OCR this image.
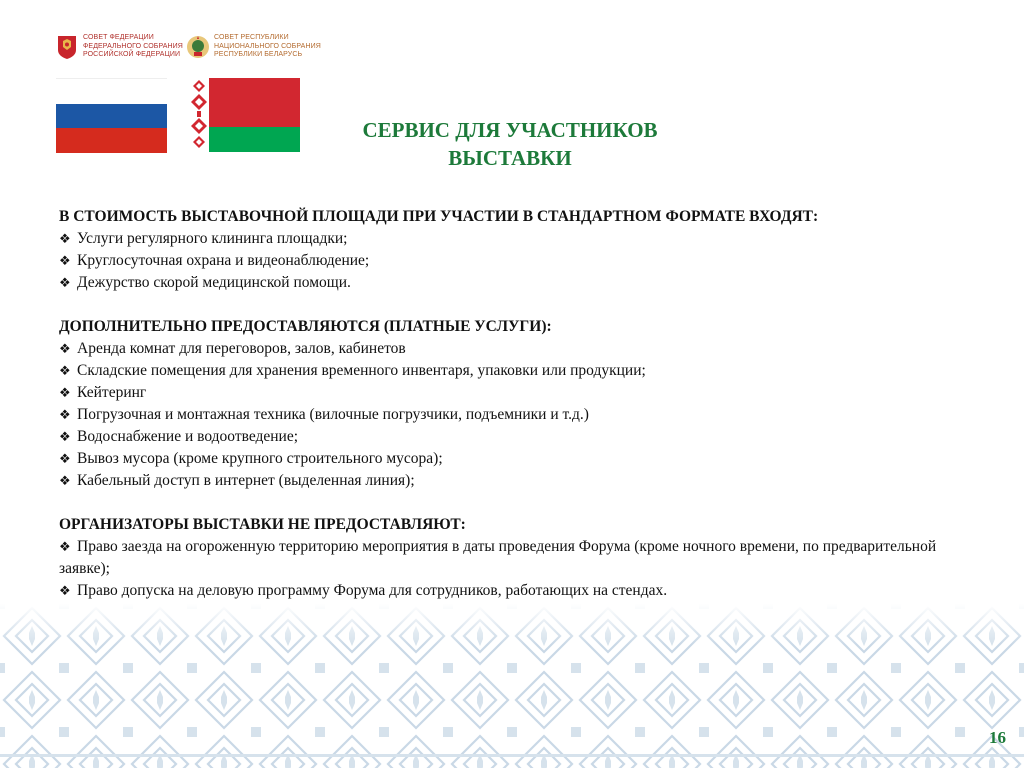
СОВЕТ ФЕДЕРАЦИИ
ФЕДЕРАЛЬНОГО СОБРАНИЯ
РОССИЙСКОЙ ФЕДЕРАЦИИ
СОВЕТ РЕСПУБЛИКИ
НАЦИОНАЛЬНОГО СОБРАНИЯ
РЕСПУБЛИКИ БЕЛАРУСЬ
СЕРВИС ДЛЯ УЧАСТНИКОВ
ВЫСТАВКИ
В СТОИМОСТЬ ВЫСТАВОЧНОЙ ПЛОЩАДИ ПРИ УЧАСТИИ В СТАНДАРТНОМ ФОРМАТЕ ВХОДЯТ:
❖ Услуги регулярного клининга площадки;
❖ Круглосуточная охрана и видеонаблюдение;
❖ Дежурство скорой медицинской помощи.
ДОПОЛНИТЕЛЬНО ПРЕДОСТАВЛЯЮТСЯ (ПЛАТНЫЕ УСЛУГИ):
❖ Аренда комнат для переговоров, залов, кабинетов
❖ Складские помещения для хранения временного инвентаря, упаковки или продукции;
❖ Кейтеринг
❖ Погрузочная и монтажная техника (вилочные погрузчики, подъемники и т.д.)
❖ Водоснабжение и водоотведение;
❖ Вывоз мусора (кроме крупного строительного мусора);
❖ Кабельный доступ в интернет (выделенная линия);
ОРГАНИЗАТОРЫ ВЫСТАВКИ НЕ ПРЕДОСТАВЛЯЮТ:
❖ Право заезда на огороженную территорию мероприятия в даты проведения Форума (кроме ночного времени, по предварительной заявке);
❖ Право допуска на деловую программу Форума для сотрудников, работающих на стендах.
16
